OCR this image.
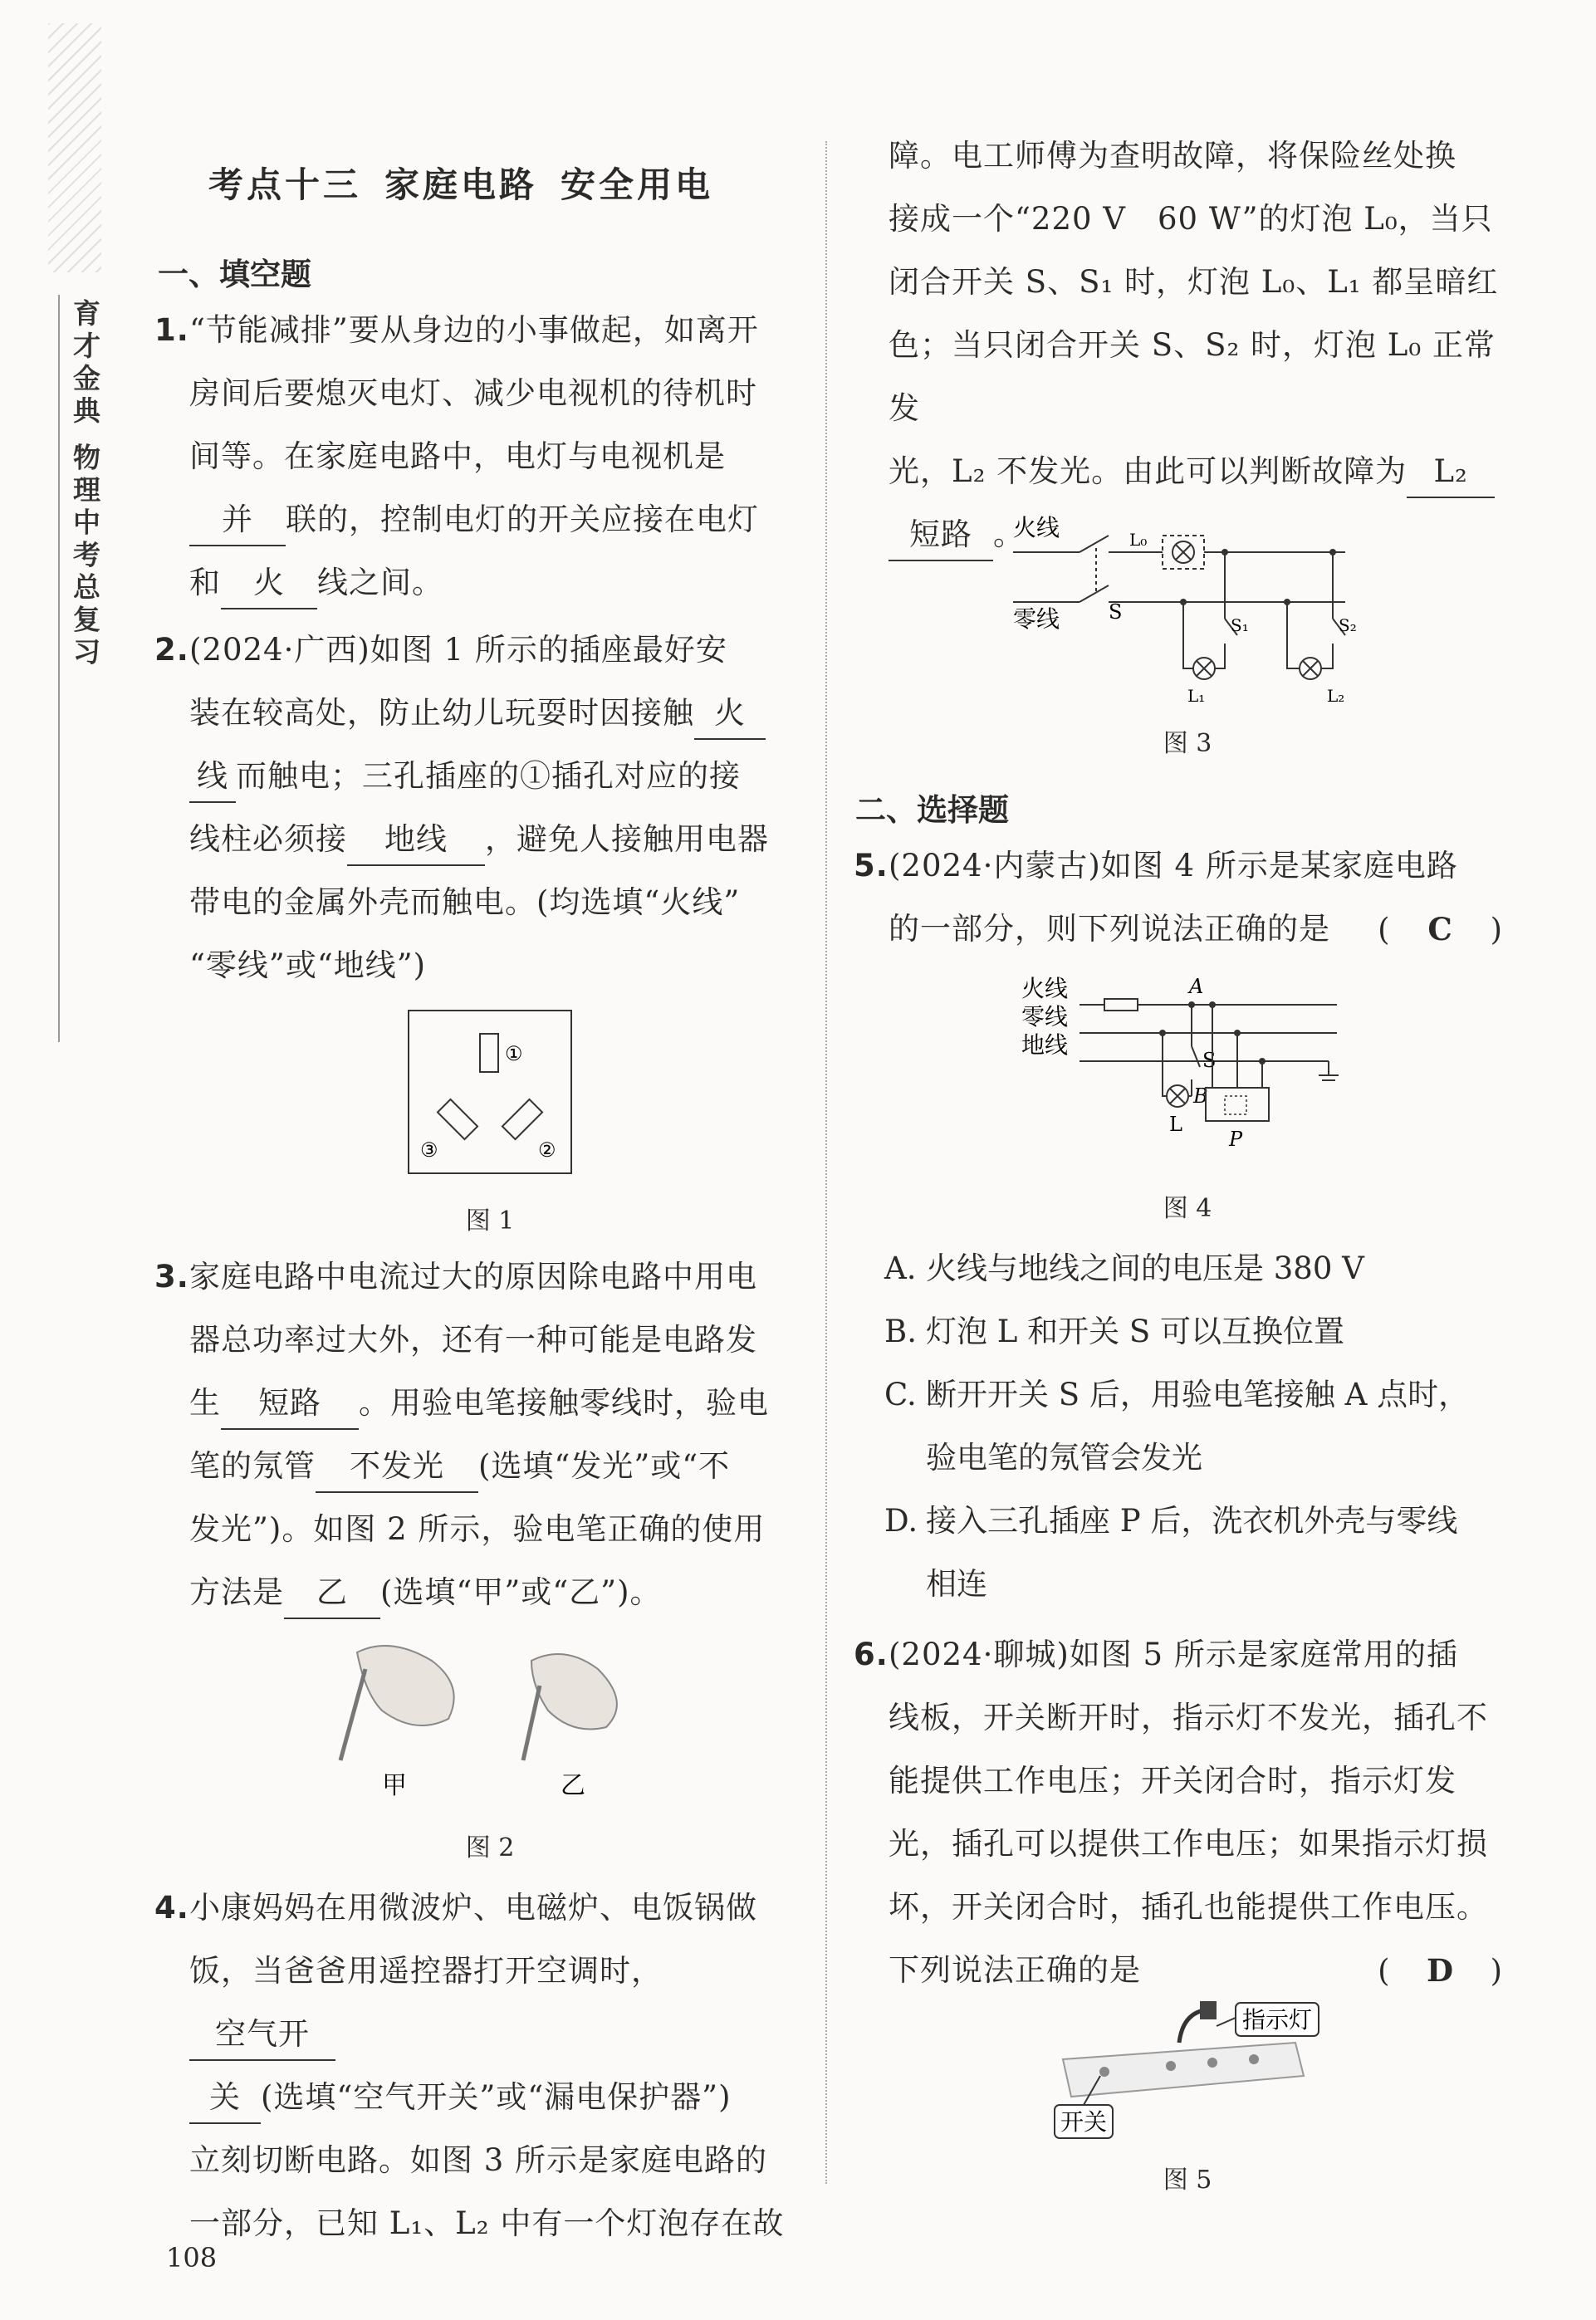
育才金典 物理中考总复习
考点十三 家庭电路 安全用电
一、填空题
1. “节能减排”要从身边的小事做起，如离开
房间后要熄灭电灯、减少电视机的待机时
间等。在家庭电路中，电灯与电视机是
并 联的，控制电灯的开关应接在电灯
和 火 线之间。
2. (2024·广西)如图 1 所示的插座最好安
装在较高处，防止幼儿玩耍时因接触 火
线 而触电；三孔插座的①插孔对应的接
线柱必须接 地线 ，避免人接触用电器
带电的金属外壳而触电。(均选填“火线”
“零线”或“地线”)
①
③	②
图 1
3. 家庭电路中电流过大的原因除电路中用电
器总功率过大外，还有一种可能是电路发
生 短路 。用验电笔接触零线时，验电
笔的氖管 不发光 (选填“发光”或“不
发光”)。如图 2 所示，验电笔正确的使用
方法是 乙 (选填“甲”或“乙”)。
甲	乙
图 2
4. 小康妈妈在用微波炉、电磁炉、电饭锅做
饭，当爸爸用遥控器打开空调时，空气开
关 (选填“空气开关”或“漏电保护器”)
立刻切断电路。如图 3 所示是家庭电路的
一部分，已知 L₁、L₂ 中有一个灯泡存在故
障。电工师傅为查明故障，将保险丝处换
接成一个“220 V　60 W”的灯泡 L₀，当只
闭合开关 S、S₁ 时，灯泡 L₀、L₁ 都呈暗红
色；当只闭合开关 S、S₂ 时，灯泡 L₀ 正常发
光，L₂ 不发光。由此可以判断故障为 L₂
短路 。
火线
零线
L₀
S
S₁	S₂
L₁	L₂
图 3
二、选择题
5. (2024·内蒙古)如图 4 所示是某家庭电路
的一部分，则下列说法正确的是 ( C )
火线
零线
地线
A
S
B
L
P
图 4
A. 火线与地线之间的电压是 380 V
B. 灯泡 L 和开关 S 可以互换位置
C. 断开开关 S 后，用验电笔接触 A 点时，
验电笔的氖管会发光
D. 接入三孔插座 P 后，洗衣机外壳与零线
相连
6. (2024·聊城)如图 5 所示是家庭常用的插
线板，开关断开时，指示灯不发光，插孔不
能提供工作电压；开关闭合时，指示灯发
光，插孔可以提供工作电压；如果指示灯损
坏，开关闭合时，插孔也能提供工作电压。
下列说法正确的是	( D )
指示灯
开关
图 5
108
